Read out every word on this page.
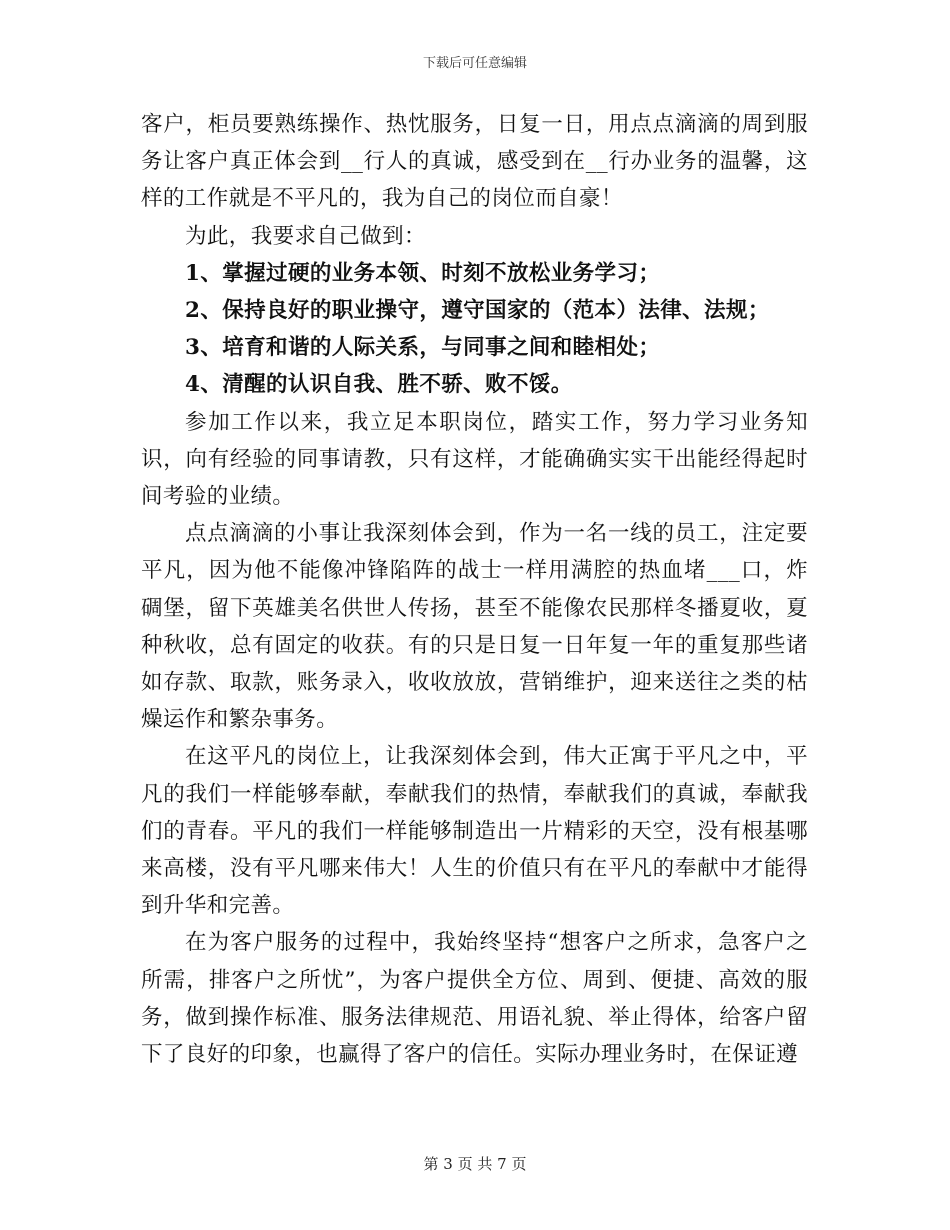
下载后可任意编辑

客户，柜员要熟练操作、热忱服务，日复一日，用点点滴滴的周到服务让客户真正体会到__行人的真诚，感受到在__行办业务的温馨，这样的工作就是不平凡的，我为自己的岗位而自豪！

为此，我要求自己做到：

1、掌握过硬的业务本领、时刻不放松业务学习；

2、保持良好的职业操守，遵守国家的（范本）法律、法规；

3、培育和谐的人际关系，与同事之间和睦相处；

4、清醒的认识自我、胜不骄、败不馁。

参加工作以来，我立足本职岗位，踏实工作，努力学习业务知识，向有经验的同事请教，只有这样，才能确确实实干出能经得起时间考验的业绩。

点点滴滴的小事让我深刻体会到，作为一名一线的员工，注定要平凡，因为他不能像冲锋陷阵的战士一样用满腔的热血堵___口，炸碉堡，留下英雄美名供世人传扬，甚至不能像农民那样冬播夏收，夏种秋收，总有固定的收获。有的只是日复一日年复一年的重复那些诸如存款、取款，账务录入，收收放放，营销维护，迎来送往之类的枯燥运作和繁杂事务。

在这平凡的岗位上，让我深刻体会到，伟大正寓于平凡之中，平凡的我们一样能够奉献，奉献我们的热情，奉献我们的真诚，奉献我们的青春。平凡的我们一样能够制造出一片精彩的天空，没有根基哪来高楼，没有平凡哪来伟大！人生的价值只有在平凡的奉献中才能得到升华和完善。

在为客户服务的过程中，我始终坚持“想客户之所求，急客户之所需，排客户之所忧”，为客户提供全方位、周到、便捷、高效的服务，做到操作标准、服务法律规范、用语礼貌、举止得体，给客户留下了良好的印象，也赢得了客户的信任。实际办理业务时，在保证遵

第 3 页 共 7 页
